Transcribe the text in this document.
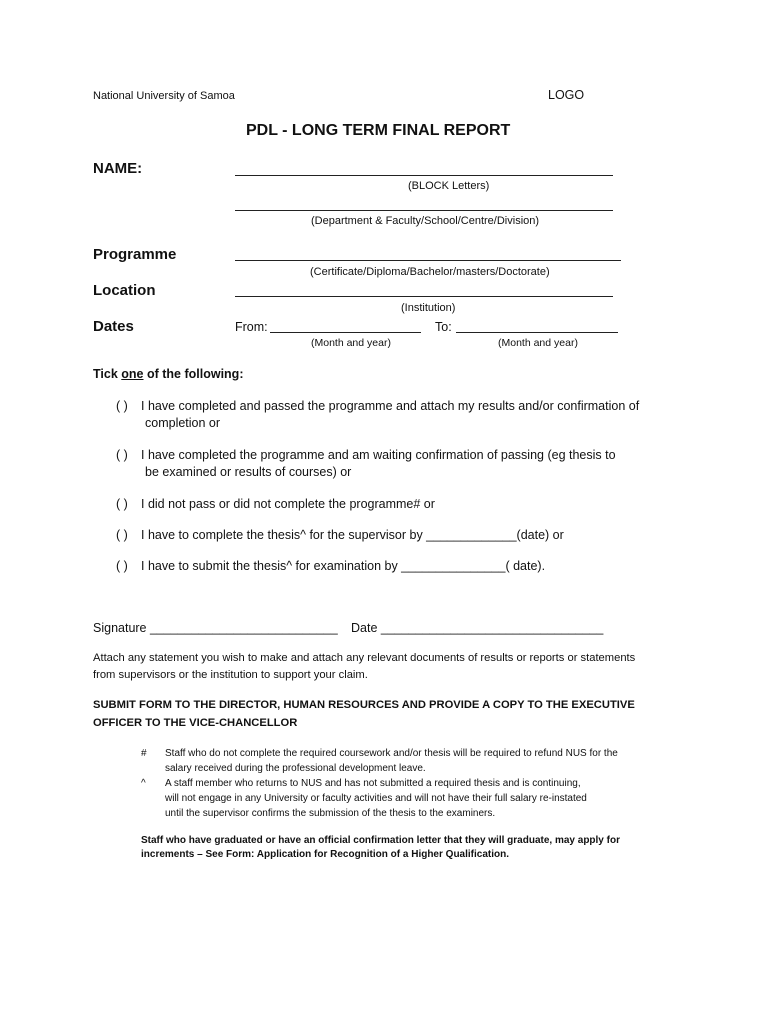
National University of Samoa	LOGO
PDL - LONG TERM FINAL REPORT
NAME:
(BLOCK Letters)
(Department & Faculty/School/Centre/Division)
Programme
(Certificate/Diploma/Bachelor/masters/Doctorate)
Location
(Institution)
Dates	From:	To:
(Month and year)	(Month and year)
Tick one of the following:
( ) I have completed and passed the programme and attach my results and/or confirmation of
completion or
( ) I have completed the programme and am waiting confirmation of passing (eg thesis to
be examined or results of courses) or
( ) I did not pass or did not complete the programme# or
( ) I have to complete the thesis^ for the supervisor by _____________(date) or
( ) I have to submit the thesis^ for examination by _______________( date).
Signature ___________________________ Date ________________________________
Attach any statement you wish to make and attach any relevant documents of results or reports or statements
from supervisors or the institution to support your claim.
SUBMIT FORM TO THE DIRECTOR, HUMAN RESOURCES AND PROVIDE A COPY TO THE EXECUTIVE
OFFICER TO THE VICE-CHANCELLOR
# Staff who do not complete the required coursework and/or thesis will be required to refund NUS for the
salary received during the professional development leave.
^ A staff member who returns to NUS and has not submitted a required thesis and is continuing,
will not engage in any University or faculty activities and will not have their full salary re-instated
until the supervisor confirms the submission of the thesis to the examiners.
Staff who have graduated or have an official confirmation letter that they will graduate, may apply for
increments – See Form: Application for Recognition of a Higher Qualification.
